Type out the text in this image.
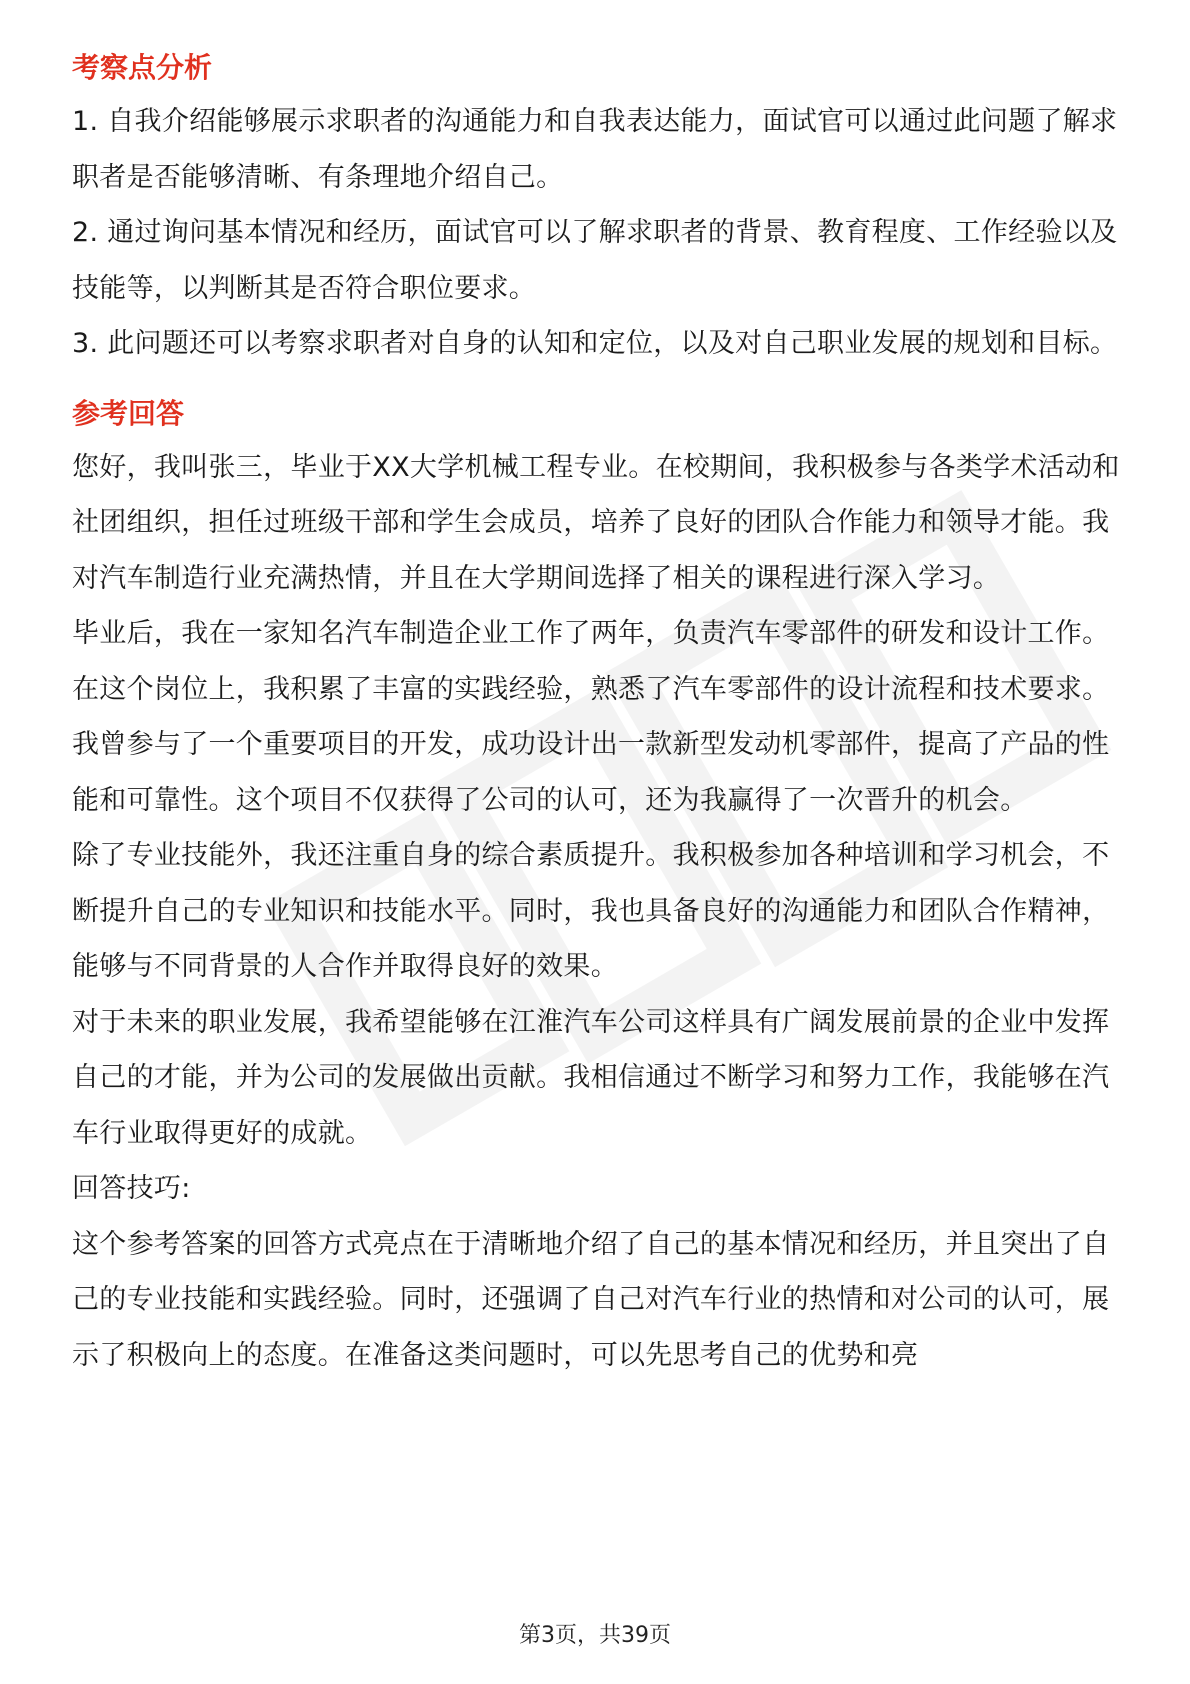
考察点分析

1. 自我介绍能够展示求职者的沟通能力和自我表达能力，面试官可以通过此问题了解求职者是否能够清晰、有条理地介绍自己。

2. 通过询问基本情况和经历，面试官可以了解求职者的背景、教育程度、工作经验以及技能等，以判断其是否符合职位要求。

3. 此问题还可以考察求职者对自身的认知和定位，以及对自己职业发展的规划和目标。

参考回答

您好，我叫张三，毕业于XX大学机械工程专业。在校期间，我积极参与各类学术活动和社团组织，担任过班级干部和学生会成员，培养了良好的团队合作能力和领导才能。我对汽车制造行业充满热情，并且在大学期间选择了相关的课程进行深入学习。

毕业后，我在一家知名汽车制造企业工作了两年，负责汽车零部件的研发和设计工作。在这个岗位上，我积累了丰富的实践经验，熟悉了汽车零部件的设计流程和技术要求。我曾参与了一个重要项目的开发，成功设计出一款新型发动机零部件，提高了产品的性能和可靠性。这个项目不仅获得了公司的认可，还为我赢得了一次晋升的机会。

除了专业技能外，我还注重自身的综合素质提升。我积极参加各种培训和学习机会，不断提升自己的专业知识和技能水平。同时，我也具备良好的沟通能力和团队合作精神，能够与不同背景的人合作并取得良好的效果。

对于未来的职业发展，我希望能够在江淮汽车公司这样具有广阔发展前景的企业中发挥自己的才能，并为公司的发展做出贡献。我相信通过不断学习和努力工作，我能够在汽车行业取得更好的成就。

回答技巧:

这个参考答案的回答方式亮点在于清晰地介绍了自己的基本情况和经历，并且突出了自己的专业技能和实践经验。同时，还强调了自己对汽车行业的热情和对公司的认可，展示了积极向上的态度。在准备这类问题时，可以先思考自己的优势和亮

第3页，共39页
